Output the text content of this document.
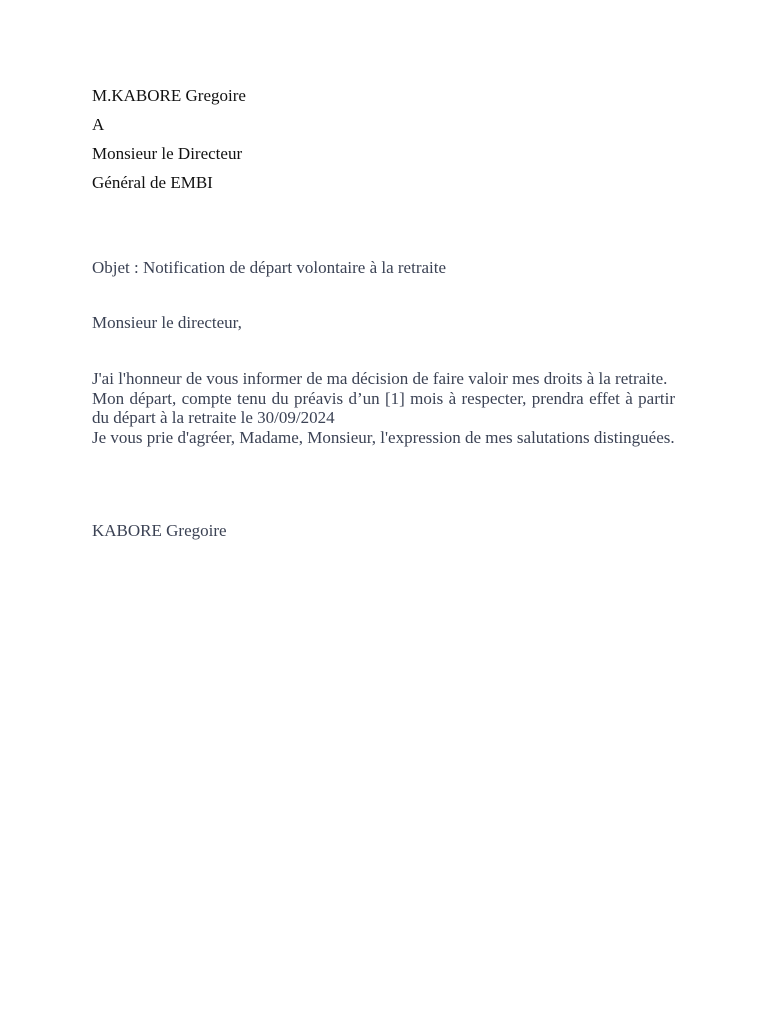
M.KABORE Gregoire
A
Monsieur le Directeur
Général de EMBI
Objet : Notification de départ volontaire à la retraite
Monsieur le directeur,

J'ai l'honneur de vous informer de ma décision de faire valoir mes droits à la retraite.

Mon départ, compte tenu du préavis d’un [1] mois à respecter, prendra effet à partir du départ à la retraite le 30/09/2024

Je vous prie d'agréer, Madame, Monsieur, l'expression de mes salutations distinguées.

KABORE Gregoire
